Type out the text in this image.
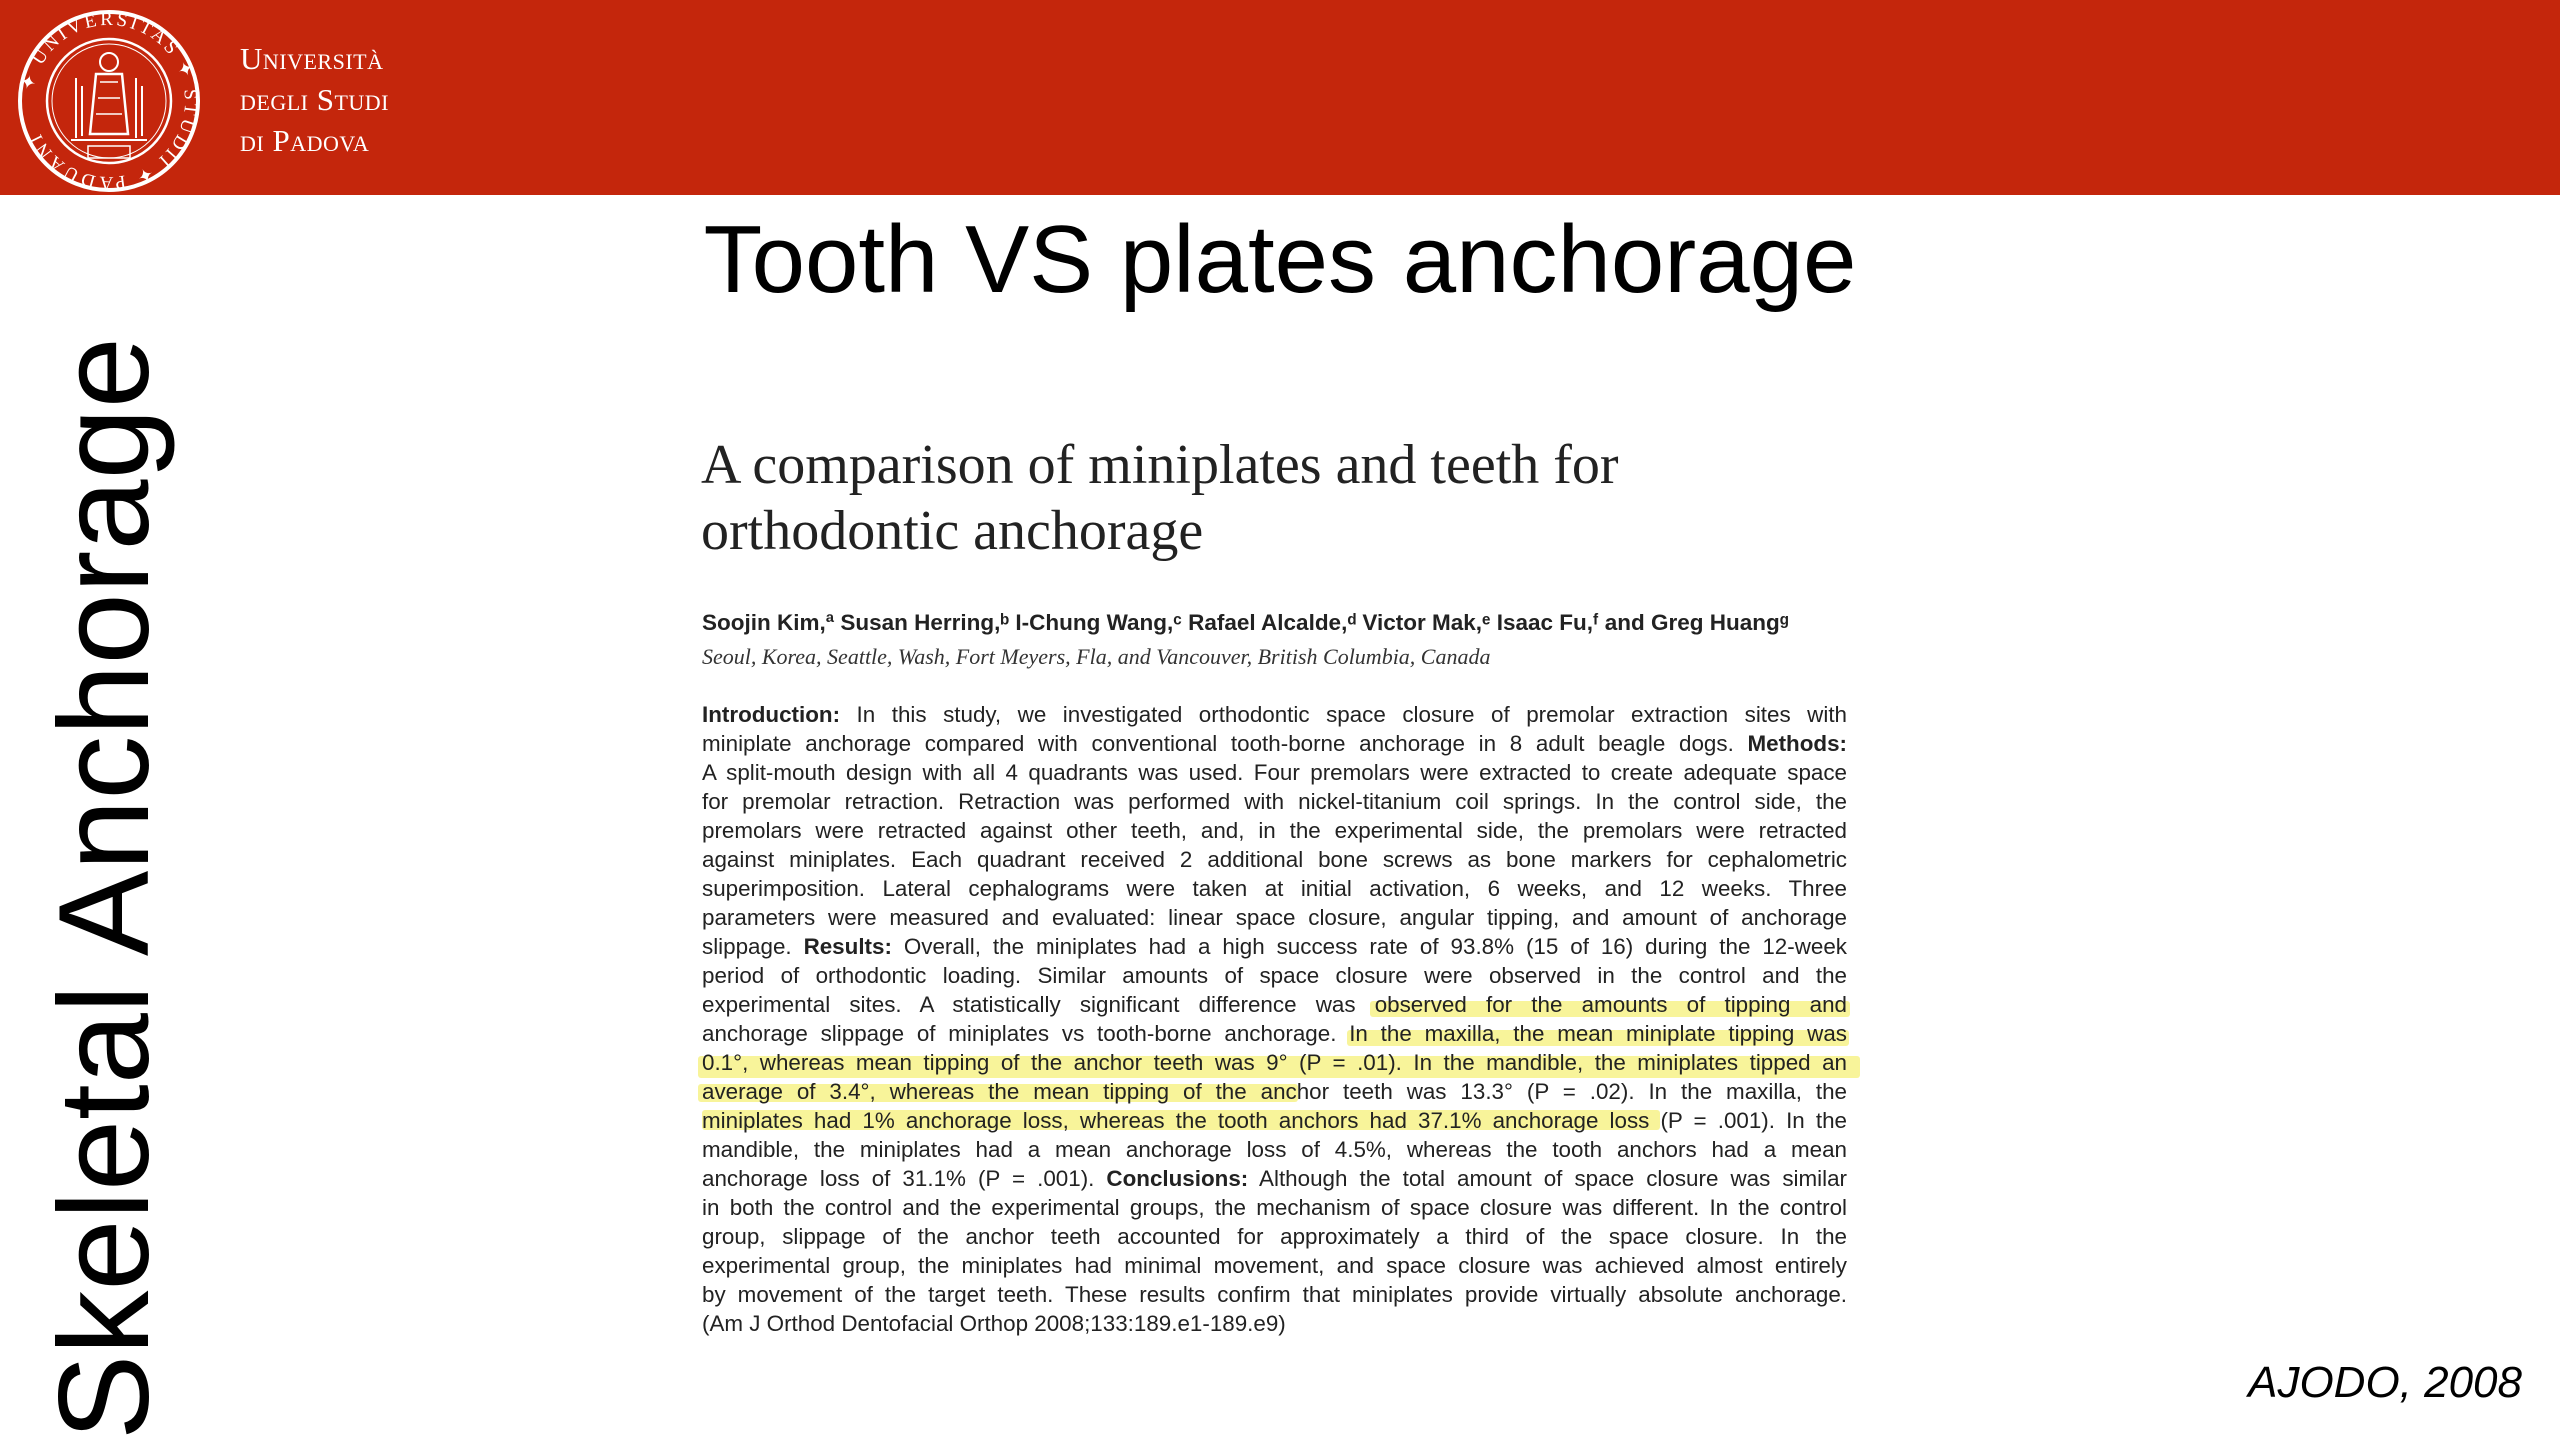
✦ UNIVERSITAS ✦ STUDII ✦ PADUANI
Università
degli Studi
di Padova
Skeletal Anchorage
Tooth VS plates anchorage
A comparison of miniplates and teeth for
orthodontic anchorage
Soojin Kim,ª Susan Herring,ᵇ I-Chung Wang,ᶜ Rafael Alcalde,ᵈ Victor Mak,ᵉ Isaac Fu,ᶠ and Greg Huangᵍ
Seoul, Korea, Seattle, Wash, Fort Meyers, Fla, and Vancouver, British Columbia, Canada
Introduction: In this study, we investigated orthodontic space closure of premolar extraction sites with
miniplate anchorage compared with conventional tooth-borne anchorage in 8 adult beagle dogs. Methods:
A split-mouth design with all 4 quadrants was used. Four premolars were extracted to create adequate space
for premolar retraction. Retraction was performed with nickel-titanium coil springs. In the control side, the
premolars were retracted against other teeth, and, in the experimental side, the premolars were retracted
against miniplates. Each quadrant received 2 additional bone screws as bone markers for cephalometric
superimposition. Lateral cephalograms were taken at initial activation, 6 weeks, and 12 weeks. Three
parameters were measured and evaluated: linear space closure, angular tipping, and amount of anchorage
slippage. Results: Overall, the miniplates had a high success rate of 93.8% (15 of 16) during the 12-week
period of orthodontic loading. Similar amounts of space closure were observed in the control and the
experimental sites. A statistically significant difference was observed for the amounts of tipping and
anchorage slippage of miniplates vs tooth-borne anchorage. In the maxilla, the mean miniplate tipping was
0.1°, whereas mean tipping of the anchor teeth was 9° (P = .01). In the mandible, the miniplates tipped an
average of 3.4°, whereas the mean tipping of the anchor teeth was 13.3° (P = .02). In the maxilla, the
miniplates had 1% anchorage loss, whereas the tooth anchors had 37.1% anchorage loss (P = .001). In the
mandible, the miniplates had a mean anchorage loss of 4.5%, whereas the tooth anchors had a mean
anchorage loss of 31.1% (P = .001). Conclusions: Although the total amount of space closure was similar
in both the control and the experimental groups, the mechanism of space closure was different. In the control
group, slippage of the anchor teeth accounted for approximately a third of the space closure. In the
experimental group, the miniplates had minimal movement, and space closure was achieved almost entirely
by movement of the target teeth. These results confirm that miniplates provide virtually absolute anchorage.
(Am J Orthod Dentofacial Orthop 2008;133:189.e1-189.e9)
AJODO, 2008
